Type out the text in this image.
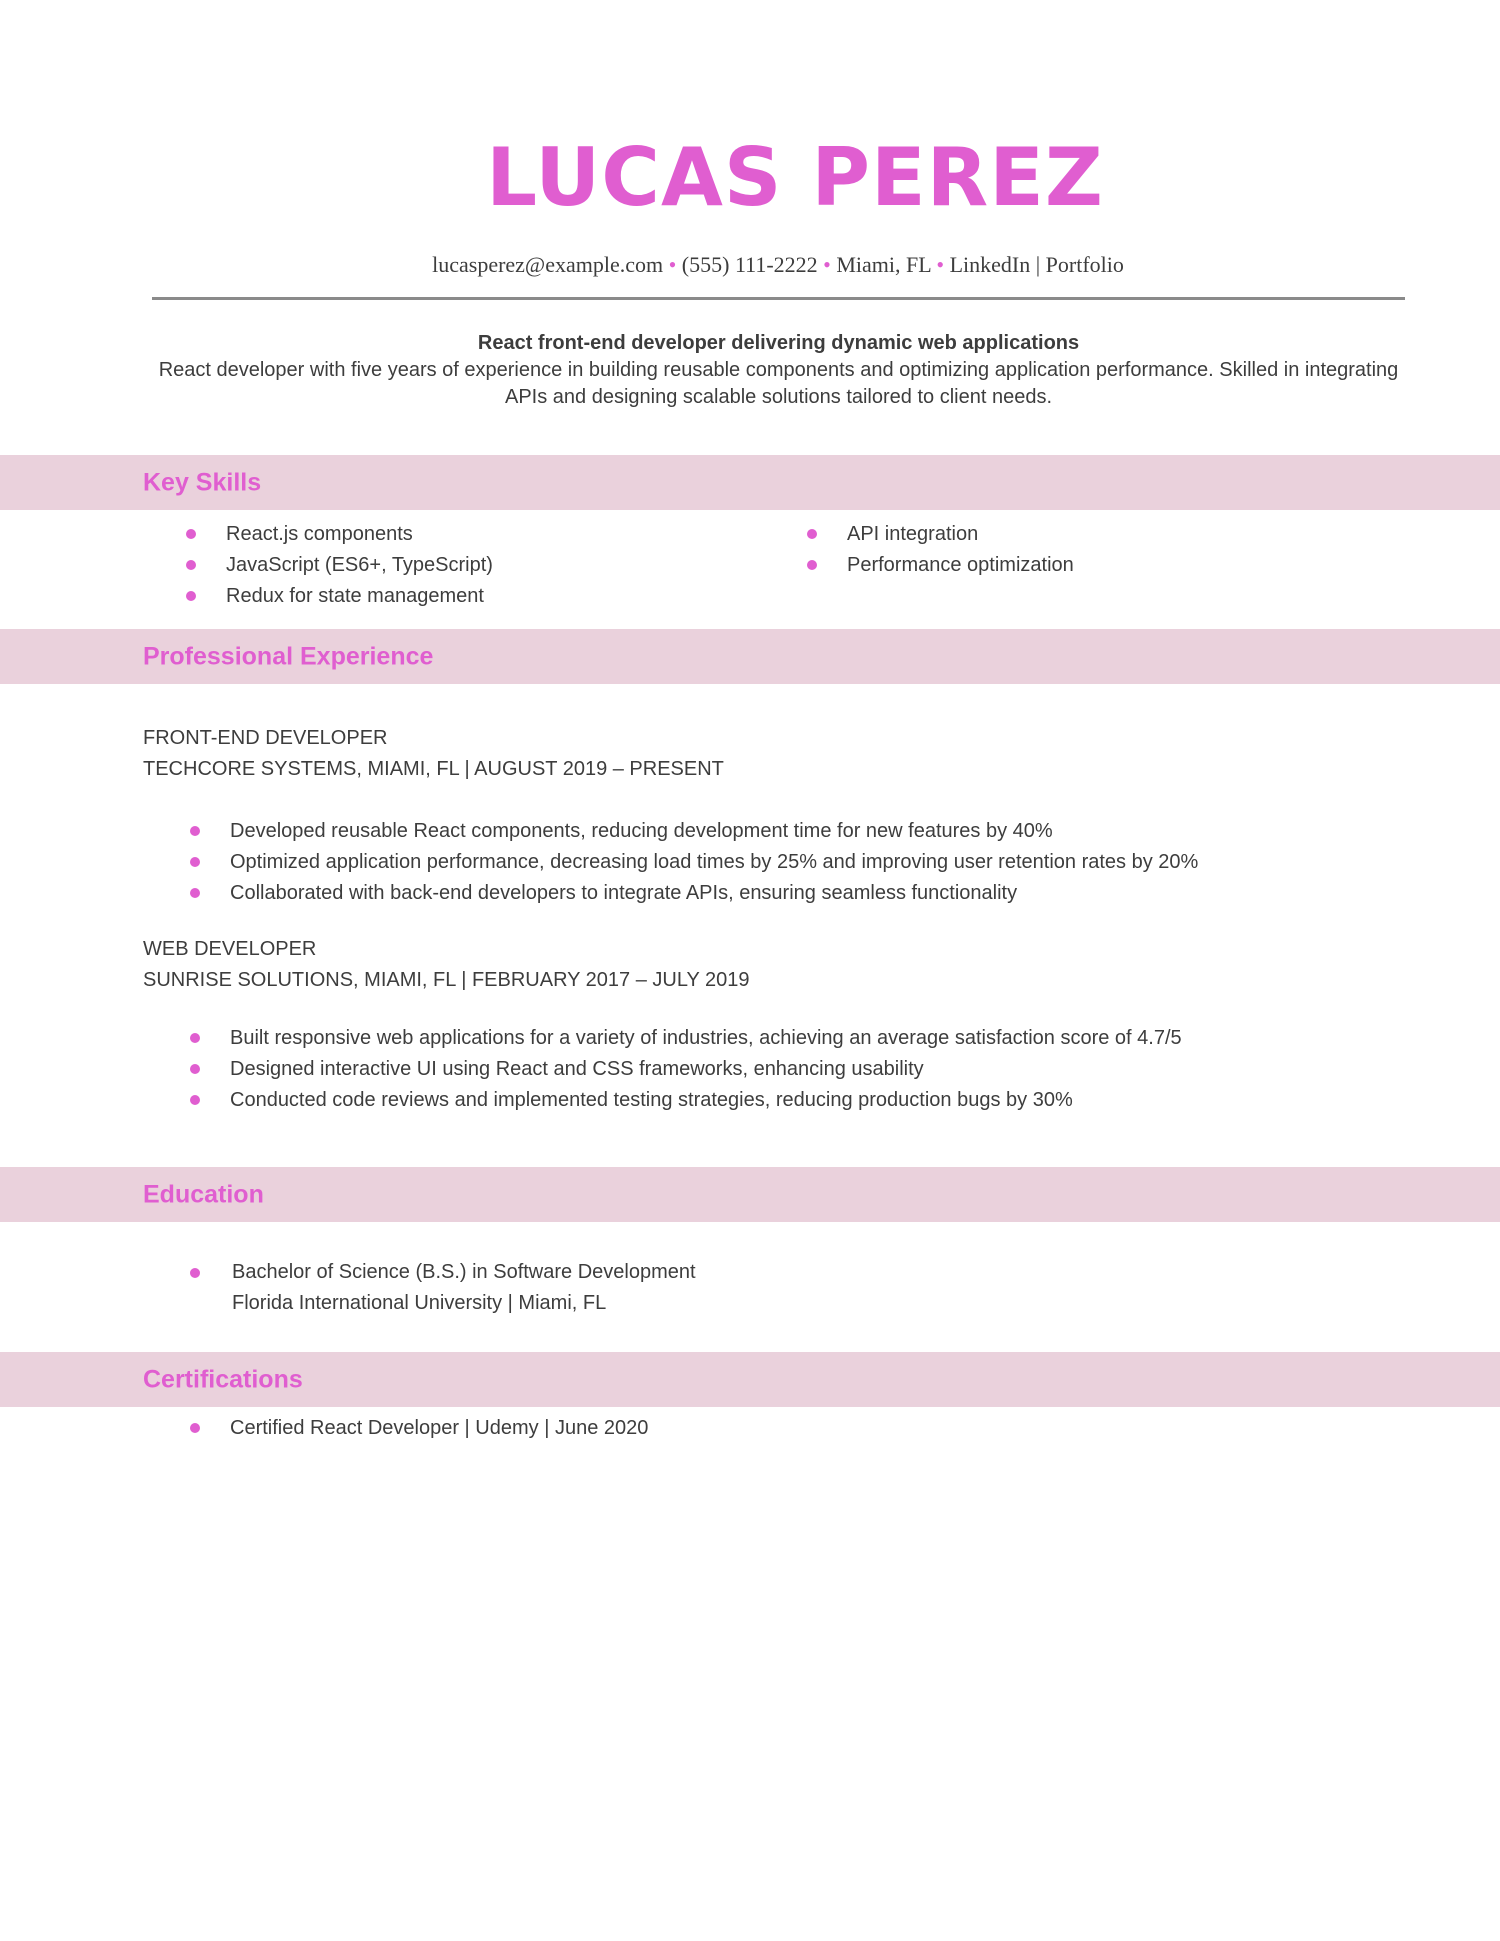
LUCAS PEREZ
lucasperez@example.com • (555) 111-2222 • Miami, FL • LinkedIn | Portfolio
React front-end developer delivering dynamic web applications
React developer with five years of experience in building reusable components and optimizing application performance. Skilled in integrating APIs and designing scalable solutions tailored to client needs.
Key Skills
React.js components
JavaScript (ES6+, TypeScript)
Redux for state management
API integration
Performance optimization
Professional Experience
FRONT-END DEVELOPER
TECHCORE SYSTEMS, MIAMI, FL | AUGUST 2019 – PRESENT
Developed reusable React components, reducing development time for new features by 40%
Optimized application performance, decreasing load times by 25% and improving user retention rates by 20%
Collaborated with back-end developers to integrate APIs, ensuring seamless functionality
WEB DEVELOPER
SUNRISE SOLUTIONS, MIAMI, FL | FEBRUARY 2017 – JULY 2019
Built responsive web applications for a variety of industries, achieving an average satisfaction score of 4.7/5
Designed interactive UI using React and CSS frameworks, enhancing usability
Conducted code reviews and implemented testing strategies, reducing production bugs by 30%
Education
Bachelor of Science (B.S.) in Software Development
Florida International University | Miami, FL
Certifications
Certified React Developer | Udemy | June 2020
